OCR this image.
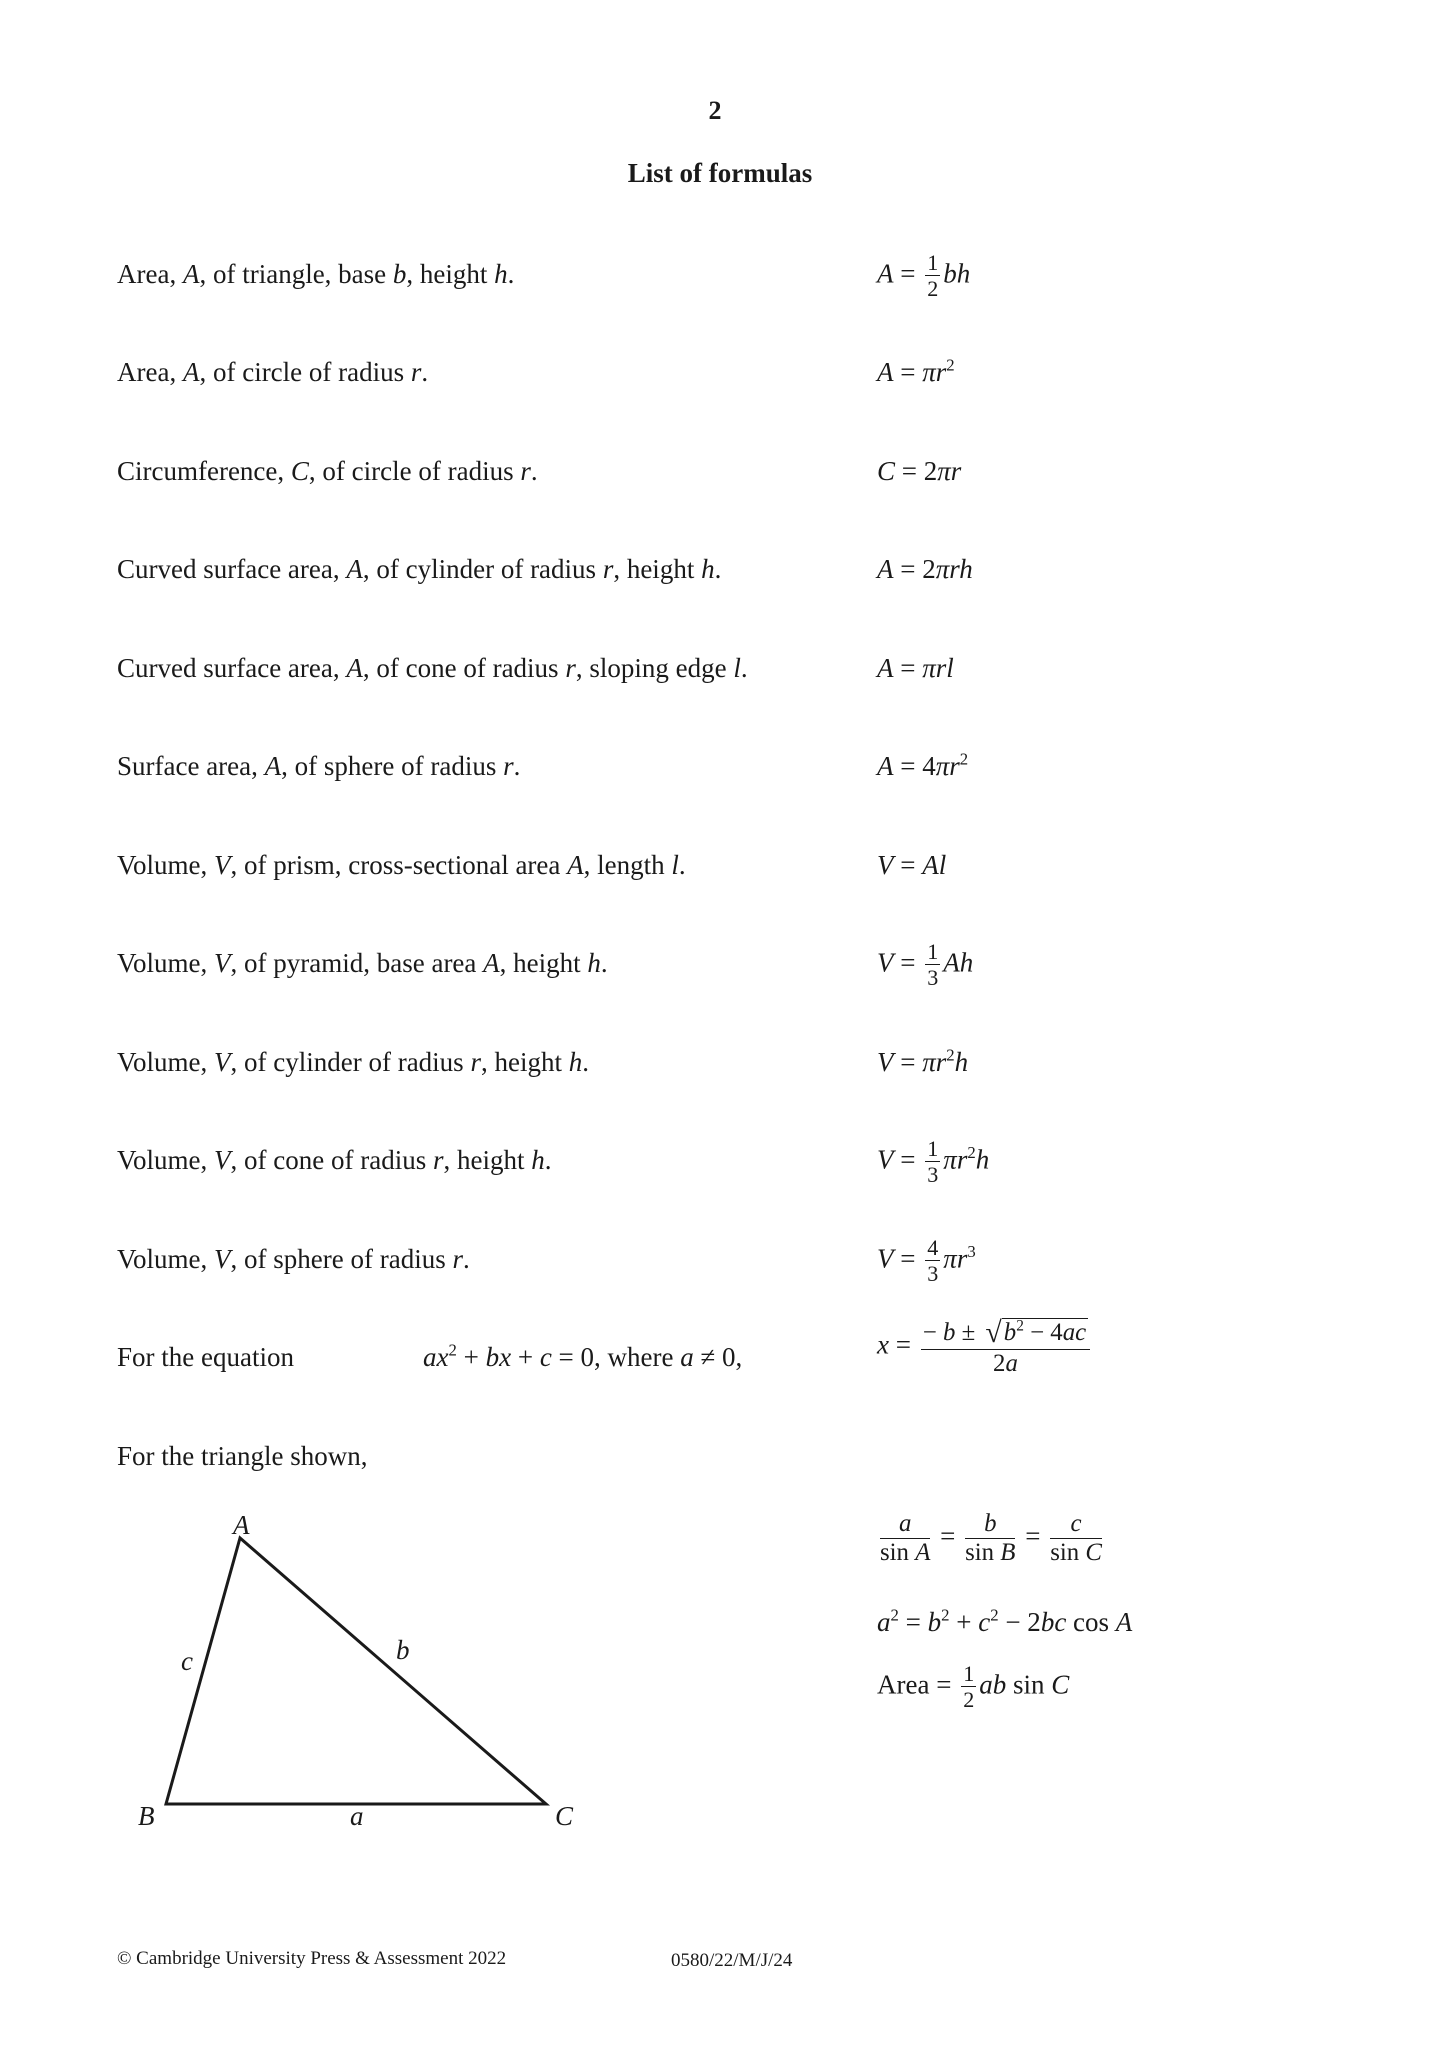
2
List of formulas
Area, A, of triangle, base b, height h.	$A = \frac{1}{2}$ bh
Area, A, of circle of radius r.	$A = \pi r^2$
Circumference, C, of circle of radius r.	C = 2πr
Curved surface area, A, of cylinder of radius r, height h.	A = 2πrh
Curved surface area, A, of cone of radius r, sloping edge l.	A = πrl
Surface area, A, of sphere of radius r.	$A = 4\pi r^2$
Volume, V, of prism, cross-sectional area A, length l.	V = Al
Volume, V, of pyramid, base area A, height h.	$V = \frac{1}{3}$ Ah
Volume, V, of cylinder of radius r, height h.	$V = \pi r^2h$
Volume, V, of cone of radius r, height h.	$V = \frac{1}{3} \pi r^2h$
Volume, V, of sphere of radius r.	$V = \frac{4}{3} \pi r^3$
For the equation	$ax^2$ + bx + c = 0, where a ≠ 0,	$x = \frac{- b \pm √b^2 - 4ac}{2a}$
For the triangle shown,
A
B	C
a
b
c
$\frac{a}{\text{sin A}} = \frac{b}{\text{sin B}} = \frac{c}{\text{sin C}}$
$a^2 = b^2 + c^2 - 2bc$ cos A
Area = $\frac{1}{2}$ ab sin C
© Cambridge University Press & Assessment 2022	0580/22/M/J/24
